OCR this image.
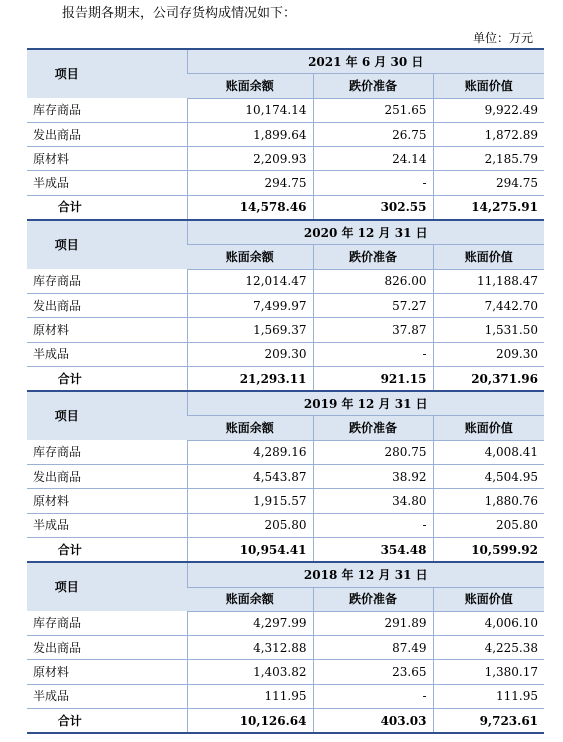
报告期各期末，公司存货构成情况如下：
单位：万元
项目	2021 年 6 月 30 日		
	账面余额	跌价准备	账面价值
库存商品	10,174.14	251.65	9,922.49
发出商品	1,899.64	26.75	1,872.89
原材料	2,209.93	24.14	2,185.79
半成品	294.75	-	294.75
合计	14,578.46	302.55	14,275.91
项目	2020 年 12 月 31 日		
	账面余额	跌价准备	账面价值
库存商品	12,014.47	826.00	11,188.47
发出商品	7,499.97	57.27	7,442.70
原材料	1,569.37	37.87	1,531.50
半成品	209.30	-	209.30
合计	21,293.11	921.15	20,371.96
项目	2019 年 12 月 31 日		
	账面余额	跌价准备	账面价值
库存商品	4,289.16	280.75	4,008.41
发出商品	4,543.87	38.92	4,504.95
原材料	1,915.57	34.80	1,880.76
半成品	205.80	-	205.80
合计	10,954.41	354.48	10,599.92
项目	2018 年 12 月 31 日		
	账面余额	跌价准备	账面价值
库存商品	4,297.99	291.89	4,006.10
发出商品	4,312.88	87.49	4,225.38
原材料	1,403.82	23.65	1,380.17
半成品	111.95	-	111.95
合计	10,126.64	403.03	9,723.61
